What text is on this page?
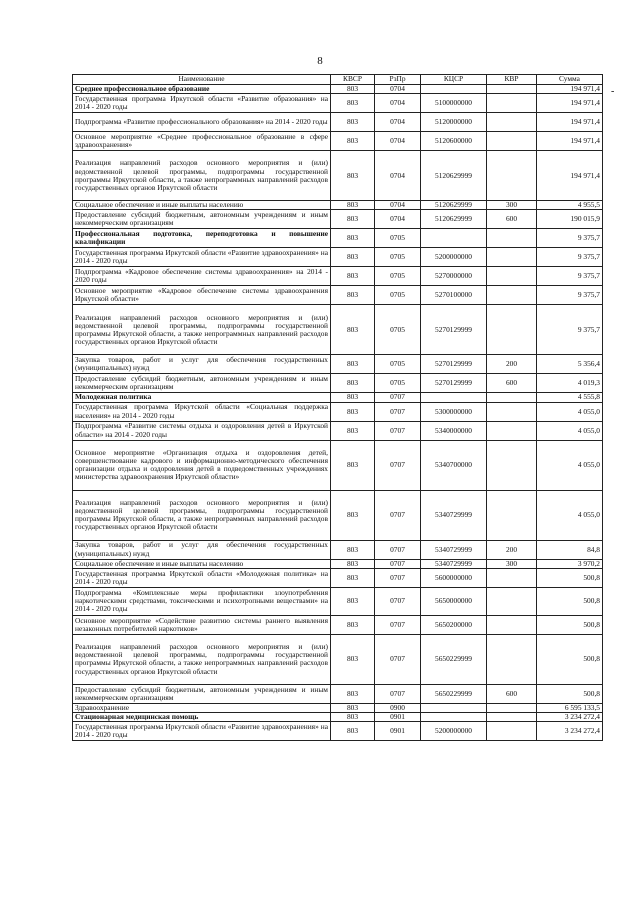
8
-
Наименование	КВСР	РзПр	КЦСР	КВР	Сумма
Среднее профессиональное образование	803	0704			194 971,4
Государственная программа Иркутской области «Развитие образования» на 2014 - 2020 годы	803	0704	5100000000		194 971,4
Подпрограмма «Развитие профессионального образования» на 2014 - 2020 годы	803	0704	5120000000		194 971,4
Основное мероприятие «Среднее профессиональное образование в сфере здравоохранения»	803	0704	5120600000		194 971,4
Реализация направлений расходов основного мероприятия и (или) ведомственной целевой программы, подпрограммы государственной программы Иркутской области, а также непрограммных направлений расходов государственных органов Иркутской области	803	0704	5120629999		194 971,4
Социальное обеспечение и иные выплаты населению	803	0704	5120629999	300	4 955,5
Предоставление субсидий бюджетным, автономным учреждениям и иным некоммерческим организациям	803	0704	5120629999	600	190 015,9
Профессиональная подготовка, переподготовка и повышение квалификации	803	0705			9 375,7
Государственная программа Иркутской области «Развитие здравоохранения» на 2014 - 2020 годы	803	0705	5200000000		9 375,7
Подпрограмма «Кадровое обеспечение системы здравоохранения» на 2014 - 2020 годы	803	0705	5270000000		9 375,7
Основное мероприятие «Кадровое обеспечение системы здравоохранения Иркутской области»	803	0705	5270100000		9 375,7
Реализация направлений расходов основного мероприятия и (или) ведомственной целевой программы, подпрограммы государственной программы Иркутской области, а также непрограммных направлений расходов государственных органов Иркутской области	803	0705	5270129999		9 375,7
Закупка товаров, работ и услуг для обеспечения государственных (муниципальных) нужд	803	0705	5270129999	200	5 356,4
Предоставление субсидий бюджетным, автономным учреждениям и иным некоммерческим организациям	803	0705	5270129999	600	4 019,3
Молодежная политика	803	0707			4 555,8
Государственная программа Иркутской области «Социальная поддержка населения» на 2014 - 2020 годы	803	0707	5300000000		4 055,0
Подпрограмма «Развитие системы отдыха и оздоровления детей в Иркутской области» на 2014 - 2020 годы	803	0707	5340000000		4 055,0
Основное мероприятие «Организация отдыха и оздоровления детей, совершенствование кадрового и информационно-методического обеспечения организации отдыха и оздоровления детей в подведомственных учреждениях министерства здравоохранения Иркутской области»	803	0707	5340700000		4 055,0
Реализация направлений расходов основного мероприятия и (или) ведомственной целевой программы, подпрограммы государственной программы Иркутской области, а также непрограммных направлений расходов государственных органов Иркутской области	803	0707	5340729999		4 055,0
Закупка товаров, работ и услуг для обеспечения государственных (муниципальных) нужд	803	0707	5340729999	200	84,8
Социальное обеспечение и иные выплаты населению	803	0707	5340729999	300	3 970,2
Государственная программа Иркутской области «Молодежная политика» на 2014 - 2020 годы	803	0707	5600000000		500,8
Подпрограмма «Комплексные меры профилактики злоупотребления наркотическими средствами, токсическими и психотропными веществами» на 2014 - 2020 годы	803	0707	5650000000		500,8
Основное мероприятие «Содействие развитию системы раннего выявления незаконных потребителей наркотиков»	803	0707	5650200000		500,8
Реализация направлений расходов основного мероприятия и (или) ведомственной целевой программы, подпрограммы государственной программы Иркутской области, а также непрограммных направлений расходов государственных органов Иркутской области	803	0707	5650229999		500,8
Предоставление субсидий бюджетным, автономным учреждениям и иным некоммерческим организациям	803	0707	5650229999	600	500,8
Здравоохранение	803	0900			6 595 133,5
Стационарная медицинская помощь	803	0901			3 234 272,4
Государственная программа Иркутской области «Развитие здравоохранения» на 2014 - 2020 годы	803	0901	5200000000		3 234 272,4
